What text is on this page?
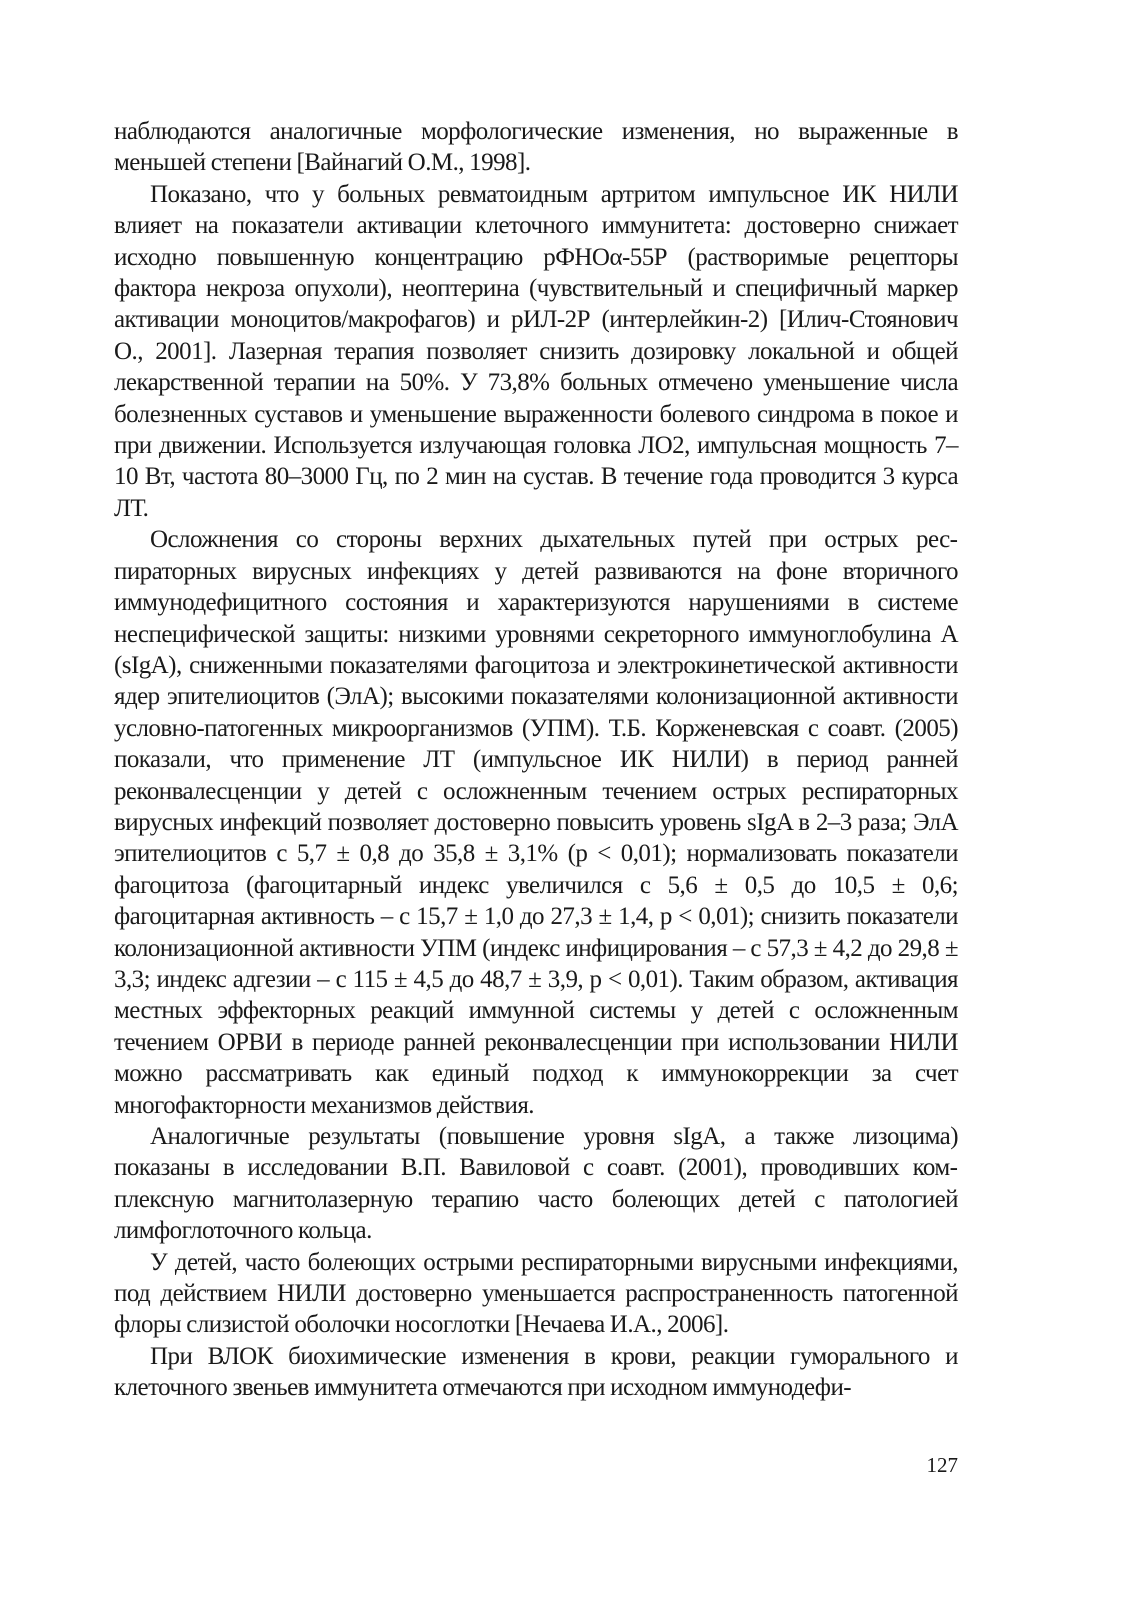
наблюдаются аналогичные морфологические изменения, но выраженные в меньшей степени [Вайнагий О.М., 1998].

Показано, что у больных ревматоидным артритом импульсное ИК НИЛИ влияет на показатели активации клеточного иммунитета: достоверно снижает исходно повышенную концентрацию рФНОα-55Р (растворимые рецепторы фактора некроза опухоли), неоптерина (чувствительный и специфичный маркер активации моноцитов/макрофагов) и рИЛ-2Р (интерлейкин-2) [Илич-Стоянович О., 2001]. Лазерная терапия позволяет снизить дозировку локальной и общей лекарственной терапии на 50%. У 73,8% больных отмечено уменьшение числа болезненных суставов и уменьшение выраженности болевого синдрома в покое и при движении. Используется излучающая головка ЛО2, импульсная мощность 7–10 Вт, частота 80–3000 Гц, по 2 мин на сустав. В течение года проводится 3 курса ЛТ.

Осложнения со стороны верхних дыхательных путей при острых респираторных вирусных инфекциях у детей развиваются на фоне вторичного иммунодефицитного состояния и характеризуются нарушениями в системе неспецифической защиты: низкими уровнями секреторного иммуноглобулина А (sIgA), сниженными показателями фагоцитоза и электрокинетической активности ядер эпителиоцитов (ЭлА); высокими показателями колонизационной активности условно-патогенных микроорганизмов (УПМ). Т.Б. Корженевская с соавт. (2005) показали, что применение ЛТ (импульсное ИК НИЛИ) в период ранней реконвалесценции у детей с осложненным течением острых респираторных вирусных инфекций позволяет достоверно повысить уровень sIgA в 2–3 раза; ЭлА эпителиоцитов с 5,7 ± 0,8 до 35,8 ± 3,1% (р < 0,01); нормализовать показатели фагоцитоза (фагоцитарный индекс увеличился с 5,6 ± 0,5 до 10,5 ± 0,6; фагоцитарная активность – с 15,7 ± 1,0 до 27,3 ± 1,4, р < 0,01); снизить показатели колонизационной активности УПМ (индекс инфицирования – с 57,3 ± 4,2 до 29,8 ± 3,3; индекс адгезии – с 115 ± 4,5 до 48,7 ± 3,9, р < 0,01). Таким образом, активация местных эффекторных реакций иммунной системы у детей с осложненным течением ОРВИ в периоде ранней реконвалесценции при использовании НИЛИ можно рассматривать как единый подход к иммунокоррекции за счет многофакторности механизмов действия.

Аналогичные результаты (повышение уровня sIgA, а также лизоцима) показаны в исследовании В.П. Вавиловой с соавт. (2001), проводивших комплексную магнитолазерную терапию часто болеющих детей с патологией лимфоглоточного кольца.

У детей, часто болеющих острыми респираторными вирусными инфекциями, под действием НИЛИ достоверно уменьшается распространенность патогенной флоры слизистой оболочки носоглотки [Нечаева И.А., 2006].

При ВЛОК биохимические изменения в крови, реакции гуморального и клеточного звеньев иммунитета отмечаются при исходном иммунодефи-

127
